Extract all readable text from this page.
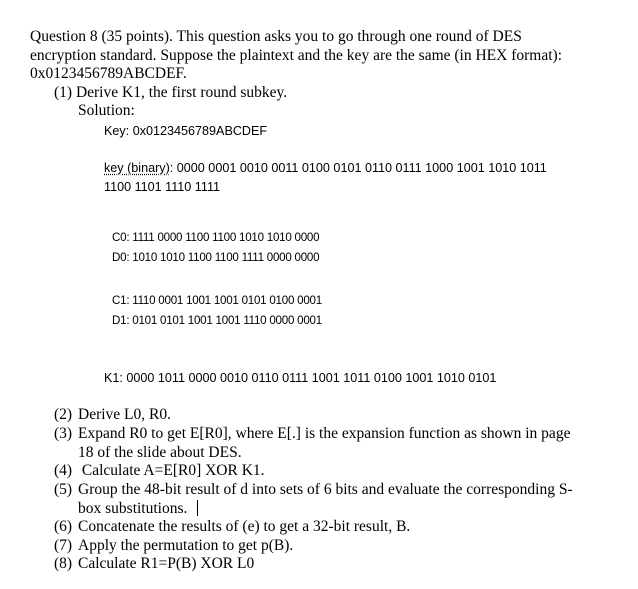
Question 8 (35 points). This question asks you to go through one round of DES
encryption standard. Suppose the plaintext and the key are the same (in HEX format):
0x0123456789ABCDEF.
(1) Derive K1, the first round subkey.
Solution:
Key: 0x0123456789ABCDEF
key (binary): 0000 0001 0010 0011 0100 0101 0110 0111 1000 1001 1010 1011
1100 1101 1110 1111
C0: 1111 0000 1100 1100 1010 1010 0000
D0: 1010 1010 1100 1100 1111 0000 0000
C1: 1110 0001 1001 1001 0101 0100 0001
D1: 0101 0101 1001 1001 1110 0000 0001
K1: 0000 1011 0000 0010 0110 0111 1001 1011 0100 1001 1010 0101
(2) Derive L0, R0.
(3) Expand R0 to get E[R0], where E[.] is the expansion function as shown in page
18 of the slide about DES.
(4) Calculate A=E[R0] XOR K1.
(5) Group the 48-bit result of d into sets of 6 bits and evaluate the corresponding S-
box substitutions.
(6) Concatenate the results of (e) to get a 32-bit result, B.
(7) Apply the permutation to get p(B).
(8) Calculate R1=P(B) XOR L0
